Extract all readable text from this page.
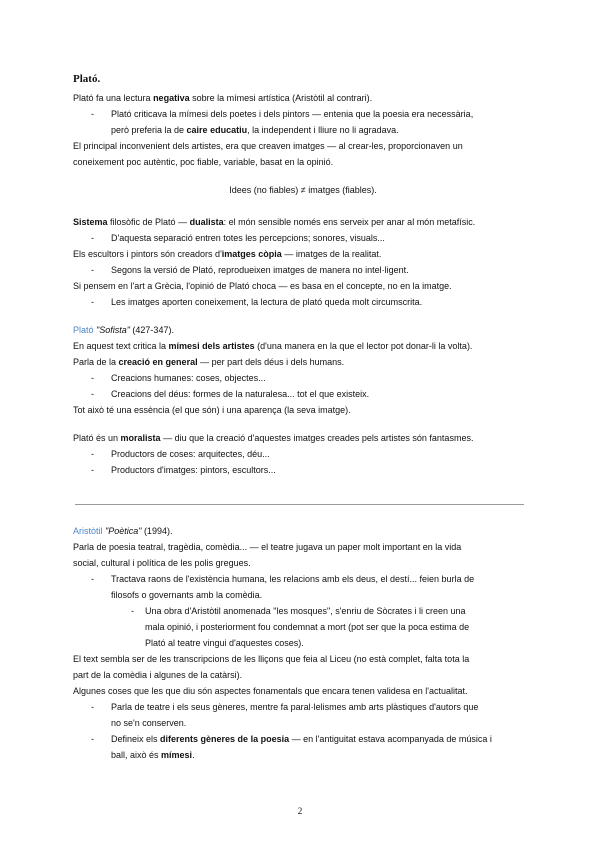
Plató.
Plató fa una lectura negativa sobre la mímesi artística (Aristòtil al contrari).
- Plató criticava la mímesi dels poetes i dels pintors — entenia que la poesia era necessària,
però preferia la de caire educatiu, la independent i lliure no li agradava.
El principal inconvenient dels artistes, era que creaven imatges — al crear-les, proporcionaven un
coneixement poc autèntic, poc fiable, variable, basat en la opinió.
Idees (no fiables) ≠ imatges (fiables).
Sistema filosòfic de Plató — dualista: el món sensible només ens serveix per anar al món metafísic.
- D'aquesta separació entren totes les percepcions; sonores, visuals...
Els escultors i pintors són creadors d'imatges còpia — imatges de la realitat.
- Segons la versió de Plató, reprodueixen imatges de manera no intel·ligent.
Si pensem en l'art a Grècia, l'opinió de Plató choca — es basa en el concepte, no en la imatge.
- Les imatges aporten coneixement, la lectura de plató queda molt circumscrita.
Plató "Sofista" (427-347).
En aquest text critica la mímesi dels artistes (d'una manera en la que el lector pot donar-li la volta).
Parla de la creació en general — per part dels déus i dels humans.
- Creacions humanes: coses, objectes...
- Creacions del déus: formes de la naturalesa... tot el que existeix.
Tot això té una essència (el que són) i una aparença (la seva imatge).
Plató és un moralista — diu que la creació d'aquestes imatges creades pels artistes són fantasmes.
- Productors de coses: arquitectes, déu...
- Productors d'imatges: pintors, escultors...
Aristòtil "Poètica" (1994).
Parla de poesia teatral, tragèdia, comèdia... — el teatre jugava un paper molt important en la vida
social, cultural i política de les polis gregues.
- Tractava raons de l'existència humana, les relacions amb els deus, el destí... feien burla de
filosofs o governants amb la comèdia.
- Una obra d'Aristòtil anomenada "les mosques", s'enriu de Sòcrates i li creen una
mala opinió, i posteriorment fou condemnat a mort (pot ser que la poca estima de
Plató al teatre vingui d'aquestes coses).
El text sembla ser de les transcripcions de les lliçons que feia al Liceu (no està complet, falta tota la
part de la comèdia i algunes de la catàrsi).
Algunes coses que les que diu són aspectes fonamentals que encara tenen validesa en l'actualitat.
- Parla de teatre i els seus gèneres, mentre fa paral·lelismes amb arts plàstiques d'autors que
no se'n conserven.
- Defineix els diferents gèneres de la poesia — en l'antiguitat estava acompanyada de música i
ball, això és mímesi.
2
